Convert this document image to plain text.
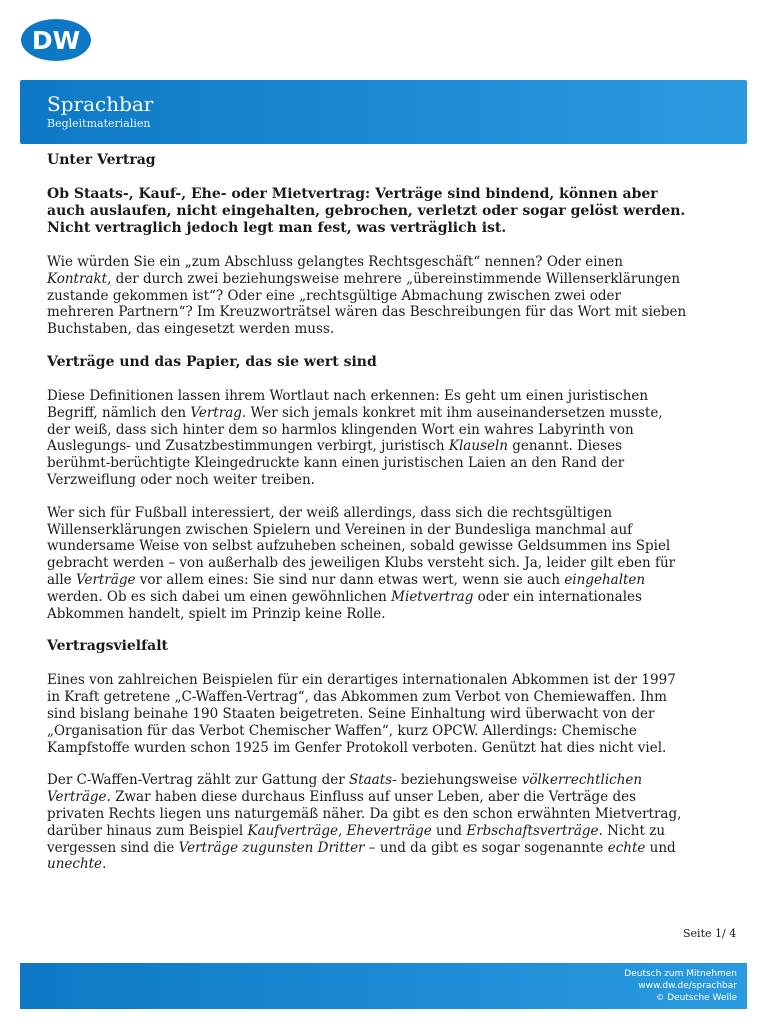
DW
Sprachbar
Begleitmaterialien
Unter Vertrag

Ob Staats-, Kauf-, Ehe- oder Mietvertrag: Verträge sind bindend, können aber auch auslaufen, nicht eingehalten, gebrochen, verletzt oder sogar gelöst werden. Nicht vertraglich jedoch legt man fest, was verträglich ist.

Wie würden Sie ein „zum Abschluss gelangtes Rechtsgeschäft“ nennen? Oder einen Kontrakt, der durch zwei beziehungsweise mehrere „übereinstimmende Willenserklärungen zustande gekommen ist“? Oder eine „rechtsgültige Abmachung zwischen zwei oder mehreren Partnern“? Im Kreuzworträtsel wären das Beschreibungen für das Wort mit sieben Buchstaben, das eingesetzt werden muss.

Verträge und das Papier, das sie wert sind

Diese Definitionen lassen ihrem Wortlaut nach erkennen: Es geht um einen juristischen Begriff, nämlich den Vertrag. Wer sich jemals konkret mit ihm auseinandersetzen musste, der weiß, dass sich hinter dem so harmlos klingenden Wort ein wahres Labyrinth von Auslegungs- und Zusatzbestimmungen verbirgt, juristisch Klauseln genannt. Dieses berühmt-berüchtigte Kleingedruckte kann einen juristischen Laien an den Rand der Verzweiflung oder noch weiter treiben.

Wer sich für Fußball interessiert, der weiß allerdings, dass sich die rechtsgültigen Willenserklärungen zwischen Spielern und Vereinen in der Bundesliga manchmal auf wundersame Weise von selbst aufzuheben scheinen, sobald gewisse Geldsummen ins Spiel gebracht werden – von außerhalb des jeweiligen Klubs versteht sich. Ja, leider gilt eben für alle Verträge vor allem eines: Sie sind nur dann etwas wert, wenn sie auch eingehalten werden. Ob es sich dabei um einen gewöhnlichen Mietvertrag oder ein internationales Abkommen handelt, spielt im Prinzip keine Rolle.

Vertragsvielfalt

Eines von zahlreichen Beispielen für ein derartiges internationalen Abkommen ist der 1997 in Kraft getretene „C-Waffen-Vertrag“, das Abkommen zum Verbot von Chemiewaffen. Ihm sind bislang beinahe 190 Staaten beigetreten. Seine Einhaltung wird überwacht von der „Organisation für das Verbot Chemischer Waffen“, kurz OPCW. Allerdings: Chemische Kampfstoffe wurden schon 1925 im Genfer Protokoll verboten. Genützt hat dies nicht viel.

Der C-Waffen-Vertrag zählt zur Gattung der Staats- beziehungsweise völkerrechtlichen Verträge. Zwar haben diese durchaus Einfluss auf unser Leben, aber die Verträge des privaten Rechts liegen uns naturgemäß näher. Da gibt es den schon erwähnten Mietvertrag, darüber hinaus zum Beispiel Kaufverträge, Eheverträge und Erbschaftsverträge. Nicht zu vergessen sind die Verträge zugunsten Dritter – und da gibt es sogar sogenannte echte und unechte.

Seite 1/ 4
Deutsch zum Mitnehmen
www.dw.de/sprachbar
© Deutsche Welle
